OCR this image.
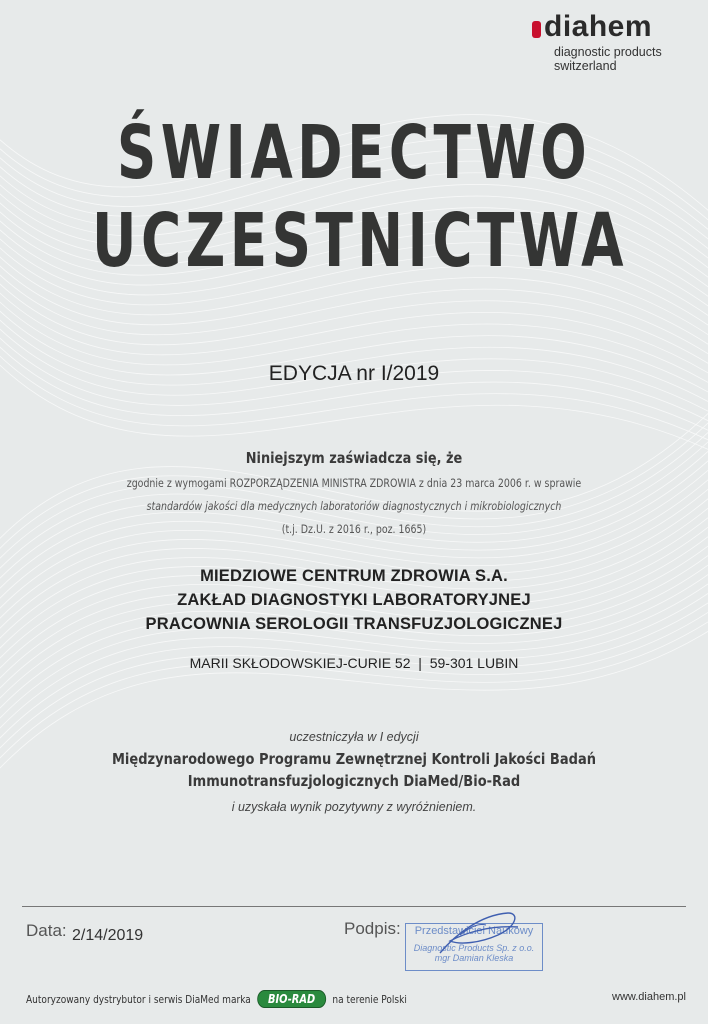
diahem
diagnostic products
switzerland
ŚWIADECTWO
UCZESTNICTWA
EDYCJA nr I/2019
Niniejszym zaświadcza się, że
zgodnie z wymogami ROZPORZĄDZENIA MINISTRA ZDROWIA z dnia 23 marca 2006 r. w sprawie
standardów jakości dla medycznych laboratoriów diagnostycznych i mikrobiologicznych
(t.j. Dz.U. z 2016 r., poz. 1665)
MIEDZIOWE CENTRUM ZDROWIA S.A.
ZAKŁAD DIAGNOSTYKI LABORATORYJNEJ
PRACOWNIA SEROLOGII TRANSFUZJOLOGICZNEJ
MARII SKŁODOWSKIEJ-CURIE 52  |  59-301 LUBIN
uczestniczyła w I edycji
Międzynarodowego Programu Zewnętrznej Kontroli Jakości Badań
Immunotransfuzjologicznych DiaMed/Bio-Rad
i uzyskała wynik pozytywny z wyróżnieniem.
Data: 2/14/2019	Podpis:	Przedstawiciel Naukowy
Diagnostic Products Sp. z o.o.
mgr Damian Kleska
Autoryzowany dystrybutor i serwis DiaMed marka	BIO-RAD	na terenie Polski	www.diahem.pl
